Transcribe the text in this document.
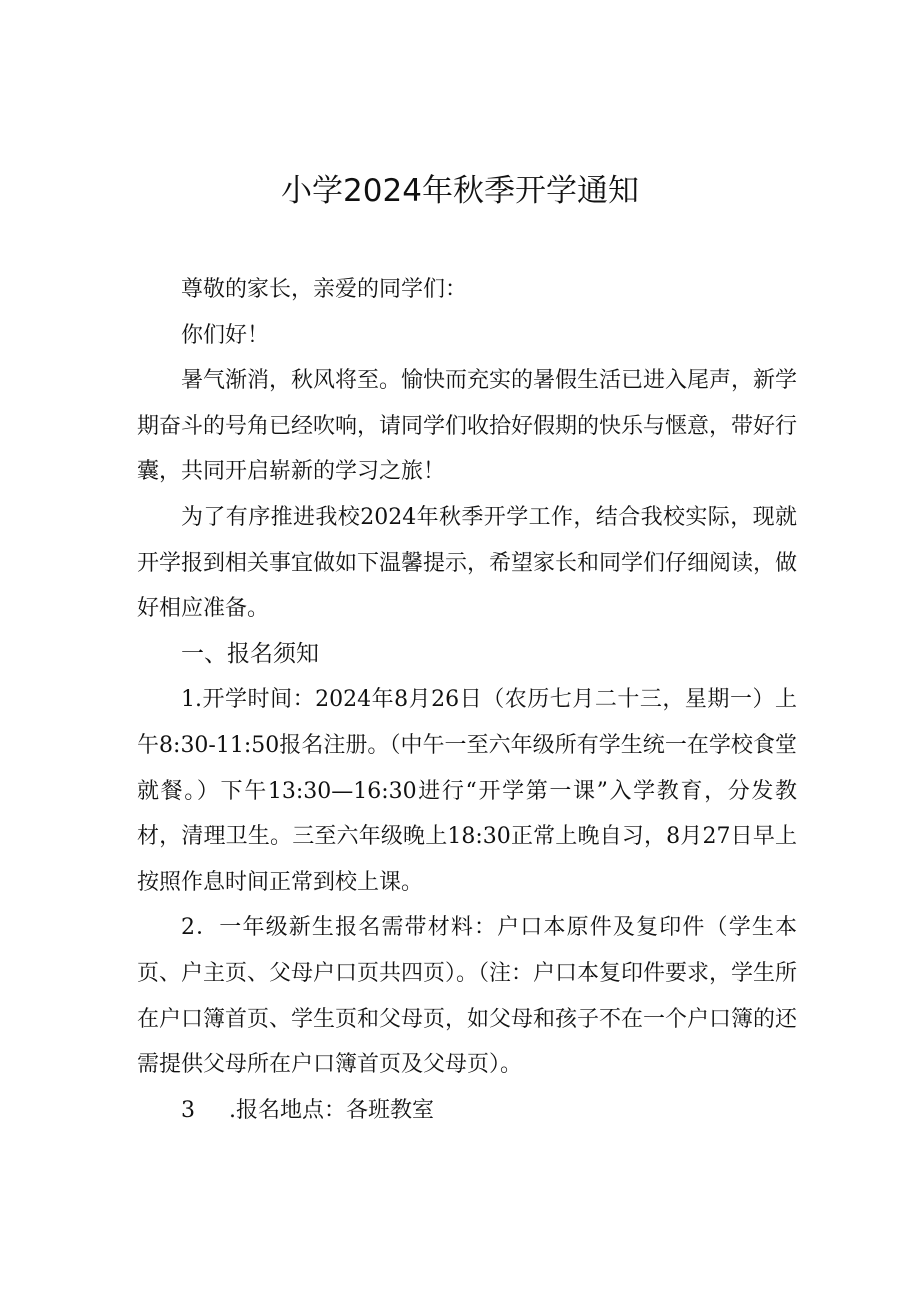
小学2024年秋季开学通知

尊敬的家长，亲爱的同学们：

你们好！

暑气渐消，秋风将至。愉快而充实的暑假生活已进入尾声，新学期奋斗的号角已经吹响，请同学们收拾好假期的快乐与惬意，带好行囊，共同开启崭新的学习之旅！

为了有序推进我校2024年秋季开学工作，结合我校实际，现就开学报到相关事宜做如下温馨提示，希望家长和同学们仔细阅读，做好相应准备。

一、报名须知

1.开学时间：2024年8月26日（农历七月二十三，星期一）上午8:30-11:50报名注册。（中午一至六年级所有学生统一在学校食堂就餐。）下午13:30—16:30进行“开学第一课”入学教育，分发教材，清理卫生。三至六年级晚上18:30正常上晚自习，8月27日早上按照作息时间正常到校上课。

2．一年级新生报名需带材料：户口本原件及复印件（学生本页、户主页、父母户口页共四页）。（注：户口本复印件要求，学生所在户口簿首页、学生页和父母页，如父母和孩子不在一个户口簿的还需提供父母所在户口簿首页及父母页）。

3 .报名地点：各班教室
